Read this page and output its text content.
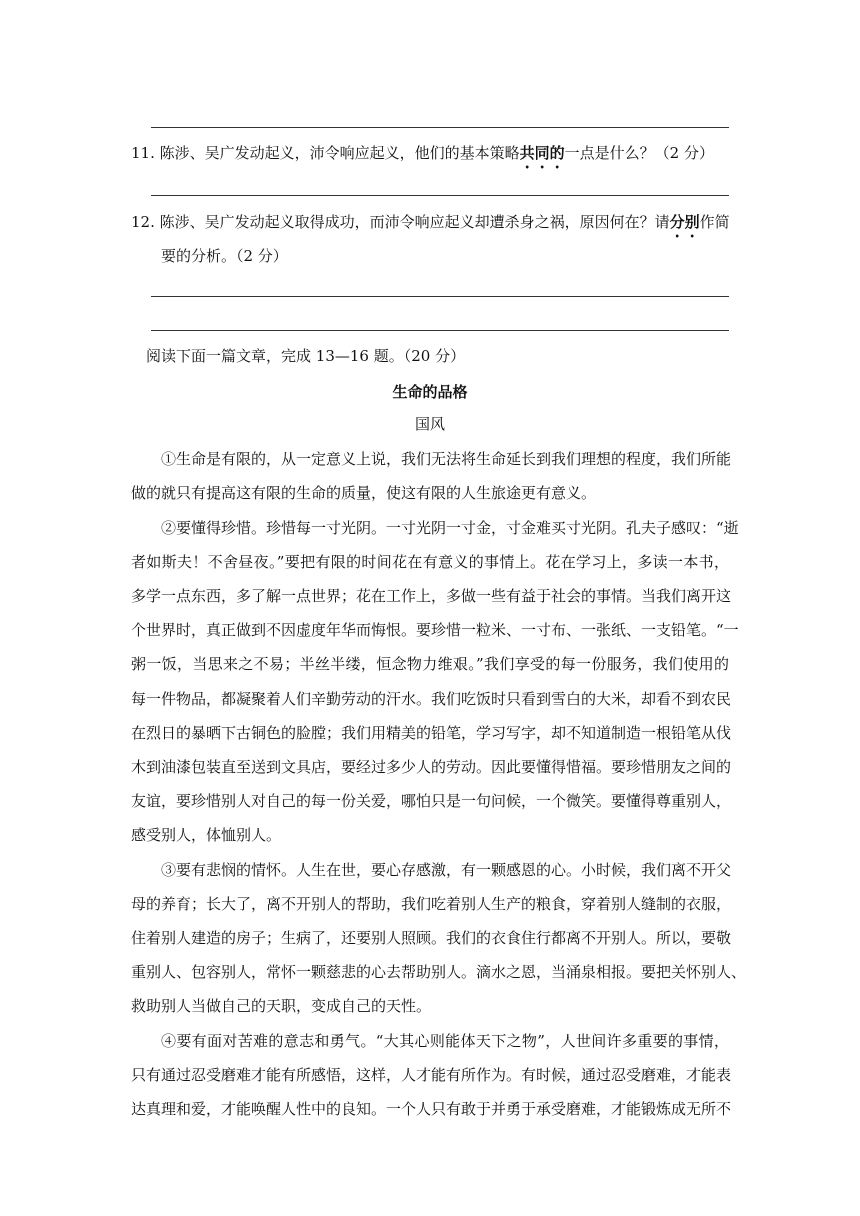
11. 陈涉、吴广发动起义，沛令响应起义，他们的基本策略共同的一点是什么？（2 分）
12. 陈涉、吴广发动起义取得成功，而沛令响应起义却遭杀身之祸，原因何在？请分别作简
要的分析。（2 分）
阅读下面一篇文章，完成 13—16 题。（20 分）
生命的品格
国风
①生命是有限的，从一定意义上说，我们无法将生命延长到我们理想的程度，我们所能
做的就只有提高这有限的生命的质量，使这有限的人生旅途更有意义。
②要懂得珍惜。珍惜每一寸光阴。一寸光阴一寸金，寸金难买寸光阴。孔夫子感叹：“逝
者如斯夫！不舍昼夜。”要把有限的时间花在有意义的事情上。花在学习上，多读一本书，
多学一点东西，多了解一点世界；花在工作上，多做一些有益于社会的事情。当我们离开这
个世界时，真正做到不因虚度年华而悔恨。要珍惜一粒米、一寸布、一张纸、一支铅笔。“一
粥一饭，当思来之不易；半丝半缕，恒念物力维艰。”我们享受的每一份服务，我们使用的
每一件物品，都凝聚着人们辛勤劳动的汗水。我们吃饭时只看到雪白的大米，却看不到农民
在烈日的暴晒下古铜色的脸膛；我们用精美的铅笔，学习写字，却不知道制造一根铅笔从伐
木到油漆包装直至送到文具店，要经过多少人的劳动。因此要懂得惜福。要珍惜朋友之间的
友谊，要珍惜别人对自己的每一份关爱，哪怕只是一句问候，一个微笑。要懂得尊重别人，
感受别人，体恤别人。
③要有悲悯的情怀。人生在世，要心存感激，有一颗感恩的心。小时候，我们离不开父
母的养育；长大了，离不开别人的帮助，我们吃着别人生产的粮食，穿着别人缝制的衣服，
住着别人建造的房子；生病了，还要别人照顾。我们的衣食住行都离不开别人。所以，要敬
重别人、包容别人，常怀一颗慈悲的心去帮助别人。滴水之恩，当涌泉相报。要把关怀别人、
救助别人当做自己的天职，变成自己的天性。
④要有面对苦难的意志和勇气。“大其心则能体天下之物”，人世间许多重要的事情，
只有通过忍受磨难才能有所感悟，这样，人才能有所作为。有时候，通过忍受磨难，才能表
达真理和爱，才能唤醒人性中的良知。一个人只有敢于并勇于承受磨难，才能锻炼成无所不
